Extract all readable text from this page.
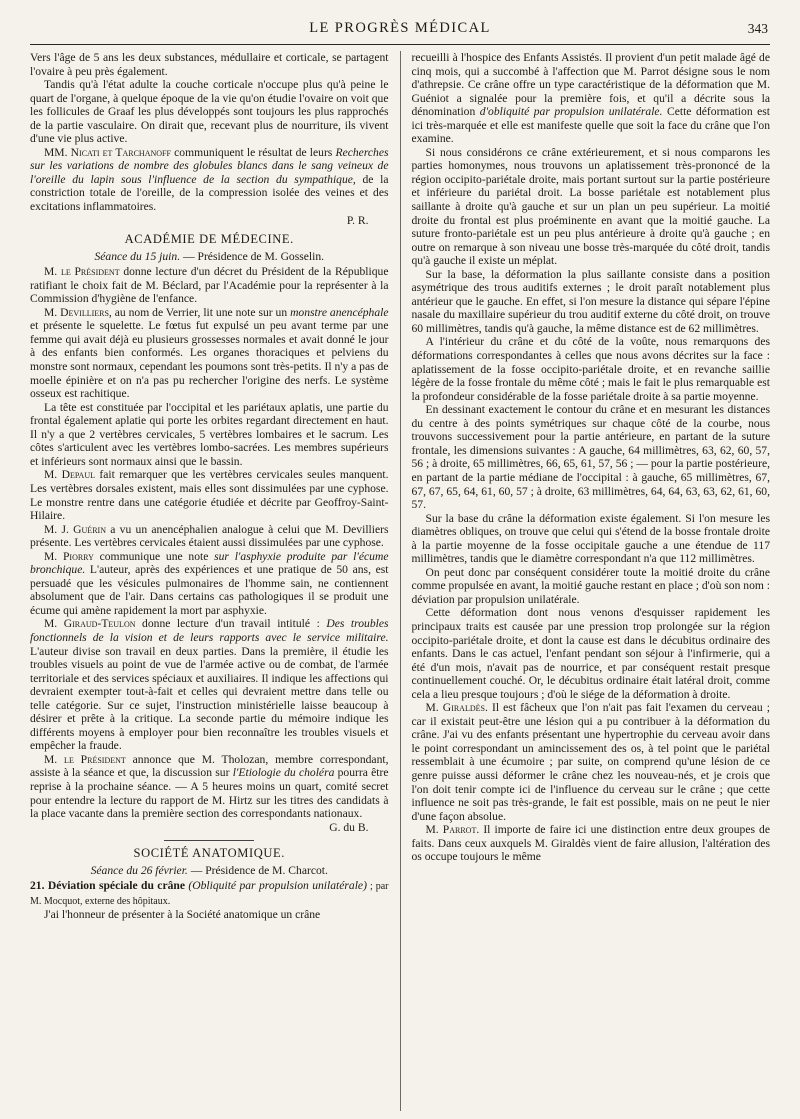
LE PROGRÈS MÉDICAL	343

Vers l'âge de 5 ans les deux substances, médullaire et corticale, se partagent l'ovaire à peu près également.

Tandis qu'à l'état adulte la couche corticale n'occupe plus qu'à peine le quart de l'organe, à quelque époque de la vie qu'on étudie l'ovaire on voit que les follicules de Graaf les plus développés sont toujours les plus rapprochés de la partie vasculaire. On dirait que, recevant plus de nourriture, ils vivent d'une vie plus active.

MM. Nicati et Tarchanoff communiquent le résultat de leurs Recherches sur les variations de nombre des globules blancs dans le sang veineux de l'oreille du lapin sous l'influence de la section du sympathique, de la constriction totale de l'oreille, de la compression isolée des veines et des excitations inflammatoires.

P. R.
ACADÉMIE DE MÉDECINE.

Séance du 15 juin. — Présidence de M. Gosselin.

M. le Président donne lecture d'un décret du Président de la République ratifiant le choix fait de M. Béclard, par l'Académie pour la représenter à la Commission d'hygiène de l'enfance.

M. Devilliers, au nom de Verrier, lit une note sur un monstre anencéphale et présente le squelette. Le fœtus fut expulsé un peu avant terme par une femme qui avait déjà eu plusieurs grossesses normales et avait donné le jour à des enfants bien conformés. Les organes thoraciques et pelviens du monstre sont normaux, cependant les poumons sont très-petits. Il n'y a pas de moelle épinière et on n'a pas pu rechercher l'origine des nerfs. Le système osseux est rachitique.

La tête est constituée par l'occipital et les pariétaux aplatis, une partie du frontal également aplatie qui porte les orbites regardant directement en haut. Il n'y a que 2 vertèbres cervicales, 5 vertèbres lombaires et le sacrum. Les côtes s'articulent avec les vertèbres lombo-sacrées. Les membres supérieurs et inférieurs sont normaux ainsi que le bassin.

M. Depaul fait remarquer que les vertèbres cervicales seules manquent. Les vertèbres dorsales existent, mais elles sont dissimulées par une cyphose. Le monstre rentre dans une catégorie étudiée et décrite par Geoffroy-Saint-Hilaire.

M. J. Guérin a vu un anencéphalien analogue à celui que M. Devilliers présente. Les vertèbres cervicales étaient aussi dissimulées par une cyphose.

M. Piorry communique une note sur l'asphyxie produite par l'écume bronchique. L'auteur, après des expériences et une pratique de 50 ans, est persuadé que les vésicules pulmonaires de l'homme sain, ne contiennent absolument que de l'air. Dans certains cas pathologiques il se produit une écume qui amène rapidement la mort par asphyxie.

M. Giraud-Teulon donne lecture d'un travail intitulé : Des troubles fonctionnels de la vision et de leurs rapports avec le service militaire. L'auteur divise son travail en deux parties. Dans la première, il étudie les troubles visuels au point de vue de l'armée active ou de combat, de l'armée territoriale et des services spéciaux et auxiliaires. Il indique les affections qui devraient exempter tout-à-fait et celles qui devraient mettre dans telle ou telle catégorie. Sur ce sujet, l'instruction ministérielle laisse beaucoup à désirer et prête à la critique. La seconde partie du mémoire indique les différents moyens à employer pour bien reconnaître les troubles visuels et empêcher la fraude.

M. le Président annonce que M. Tholozan, membre correspondant, assiste à la séance et que, la discussion sur l'Etiologie du choléra pourra être reprise à la prochaine séance. — A 5 heures moins un quart, comité secret pour entendre la lecture du rapport de M. Hirtz sur les titres des candidats à la place vacante dans la première section des correspondants nationaux.

G. du B.
SOCIÉTÉ ANATOMIQUE.

Séance du 26 février. — Présidence de M. Charcot.

21. Déviation spéciale du crâne (Obliquité par propulsion unilatérale) ; par M. Mocquot, externe des hôpitaux.

J'ai l'honneur de présenter à la Société anatomique un crâne

recueilli à l'hospice des Enfants Assistés. Il provient d'un petit malade âgé de cinq mois, qui a succombé à l'affection que M. Parrot désigne sous le nom d'athrepsie. Ce crâne offre un type caractéristique de la déformation que M. Guéniot a signalée pour la première fois, et qu'il a décrite sous la dénomination d'obliquité par propulsion unilatérale. Cette déformation est ici très-marquée et elle est manifeste quelle que soit la face du crâne que l'on examine.

Si nous considérons ce crâne extérieurement, et si nous comparons les parties homonymes, nous trouvons un aplatissement très-prononcé de la région occipito-pariétale droite, mais portant surtout sur la partie postérieure et inférieure du pariétal droit. La bosse pariétale est notablement plus saillante à droite qu'à gauche et sur un plan un peu supérieur. La moitié droite du frontal est plus proéminente en avant que la moitié gauche. La suture fronto-pariétale est un peu plus antérieure à droite qu'à gauche ; en outre on remarque à son niveau une bosse très-marquée du côté droit, tandis qu'à gauche il existe un méplat.

Sur la base, la déformation la plus saillante consiste dans a position asymétrique des trous auditifs externes ; le droit paraît notablement plus antérieur que le gauche. En effet, si l'on mesure la distance qui sépare l'épine nasale du maxillaire supérieur du trou auditif externe du côté droit, on trouve 60 millimètres, tandis qu'à gauche, la même distance est de 62 millimètres.

A l'intérieur du crâne et du côté de la voûte, nous remarquons des déformations correspondantes à celles que nous avons décrites sur la face : aplatissement de la fosse occipito-pariétale droite, et en revanche saillie légère de la fosse frontale du même côté ; mais le fait le plus remarquable est la profondeur considérable de la fosse pariétale droite à sa partie moyenne.

En dessinant exactement le contour du crâne et en mesurant les distances du centre à des points symétriques sur chaque côté de la courbe, nous trouvons successivement pour la partie antérieure, en partant de la suture frontale, les dimensions suivantes : A gauche, 64 millimètres, 63, 62, 60, 57, 56 ; à droite, 65 millimètres, 66, 65, 61, 57, 56 ; — pour la partie postérieure, en partant de la partie médiane de l'occipital : à gauche, 65 millimètres, 67, 67, 67, 65, 64, 61, 60, 57 ; à droite, 63 millimètres, 64, 64, 63, 63, 62, 61, 60, 57.

Sur la base du crâne la déformation existe également. Si l'on mesure les diamètres obliques, on trouve que celui qui s'étend de la bosse frontale droite à la partie moyenne de la fosse occipitale gauche a une étendue de 117 millimètres, tandis que le diamètre correspondant n'a que 112 millimètres.

On peut donc par conséquent considérer toute la moitié droite du crâne comme propulsée en avant, la moitié gauche restant en place ; d'où son nom : déviation par propulsion unilatérale.

Cette déformation dont nous venons d'esquisser rapidement les principaux traits est causée par une pression trop prolongée sur la région occipito-pariétale droite, et dont la cause est dans le décubitus ordinaire des enfants. Dans le cas actuel, l'enfant pendant son séjour à l'infirmerie, qui a été d'un mois, n'avait pas de nourrice, et par conséquent restait presque continuellement couché. Or, le décubitus ordinaire était latéral droit, comme cela a lieu presque toujours ; d'où le siége de la déformation à droite.

M. Giraldès. Il est fâcheux que l'on n'ait pas fait l'examen du cerveau ; car il existait peut-être une lésion qui a pu contribuer à la déformation du crâne. J'ai vu des enfants présentant une hypertrophie du cerveau avoir dans le point correspondant un amincissement des os, à tel point que le pariétal ressemblait à une écumoire ; par suite, on comprend qu'une lésion de ce genre puisse aussi déformer le crâne chez les nouveau-nés, et je crois que l'on doit tenir compte ici de l'influence du cerveau sur le crâne ; que cette influence ne soit pas très-grande, le fait est possible, mais on ne peut le nier d'une façon absolue.

M. Parrot. Il importe de faire ici une distinction entre deux groupes de faits. Dans ceux auxquels M. Giraldès vient de faire allusion, l'altération des os occupe toujours le même
